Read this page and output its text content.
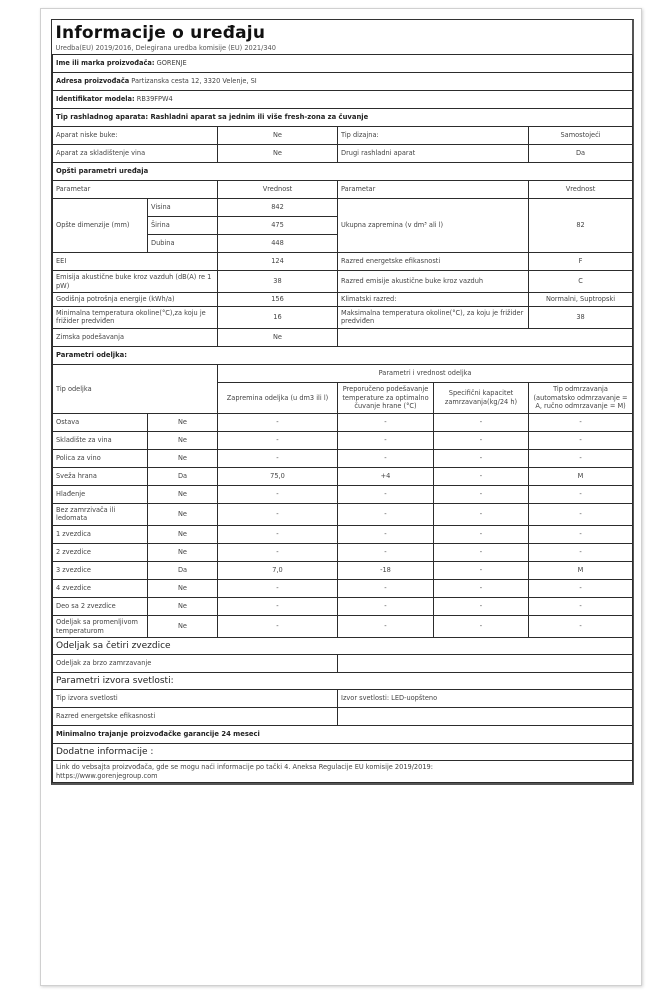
Informacije o uređaju
Uredba(EU) 2019/2016, Delegirana uredba komisije (EU) 2021/340					

Ime ili marka proizvođača: GORENJE					
Adresa proizvođača Partizanska cesta 12, 3320 Velenje, SI					
Identifikator modela: RB39FPW4					
Tip rashladnog aparata: Rashladni aparat sa jednim ili više fresh-zona za čuvanje					
Aparat niske buke:		Ne	Tip dizajna:		Samostojeći
Aparat za skladištenje vina		Ne	Drugi rashladni aparat		Da
Opšti parametri uređaja					
Parametar		Vrednost	Parametar		Vrednost
Opšte dimenzije (mm)	Visina	842	Ukupna zapremina (v dm³ ali l)		82
	Širina	475			
	Dubina	448			
EEI		124	Razred energetske efikasnosti		F
Emisija akustične buke kroz vazduh (dB(A) re 1 pW)		38	Razred emisije akustične buke kroz vazduh		C
Godišnja potrošnja energije (kWh/a)		156	Klimatski razred:		Normalni, Suptropski
Minimalna temperatura okoline(°C),za koju je frižider predviđen		16	Maksimalna temperatura okoline(°C), za koju je frižider predviđen		38
Zimska podešavanja		Ne			
Parametri odeljka:					
Tip odeljka		Parametri i vrednost odeljka			
		Zapremina odeljka (u dm3 ili l)	Preporučeno podešavanje temperature za optimalno čuvanje hrane (°C)	Specifični kapacitet zamrzavanja(kg/24 h)	Tip odmrzavanja (automatsko odmrzavanje = A, ručno odmrzavanje = M)
Ostava	Ne	-	-	-	-
Skladište za vina	Ne	-	-	-	-
Polica za vino	Ne	-	-	-	-
Sveža hrana	Da	75,0	+4	-	M
Hlađenje	Ne	-	-	-	-
Bez zamrzivača ili ledomata	Ne	-	-	-	-
1 zvezdica	Ne	-	-	-	-
2 zvezdice	Ne	-	-	-	-
3 zvezdice	Da	7,0	-18	-	M
4 zvezdice	Ne	-	-	-	-
Deo sa 2 zvezdice	Ne	-	-	-	-
Odeljak sa promenljivom temperaturom	Ne	-	-	-	-
Odeljak sa četiri zvezdice					
Odeljak za brzo zamrzavanje					
Parametri izvora svetlosti:					
Tip izvora svetlosti			Izvor svetlosti: LED-uopšteno		
Razred energetske efikasnosti					
Minimalno trajanje proizvođačke garancije 24 meseci					
Dodatne informacije :					

Link do vebsajta proizvođača, gde se mogu naći informacije po tački 4. Aneksa Regulacije EU komisije 2019/2019:
https://www.gorenjegroup.com					
